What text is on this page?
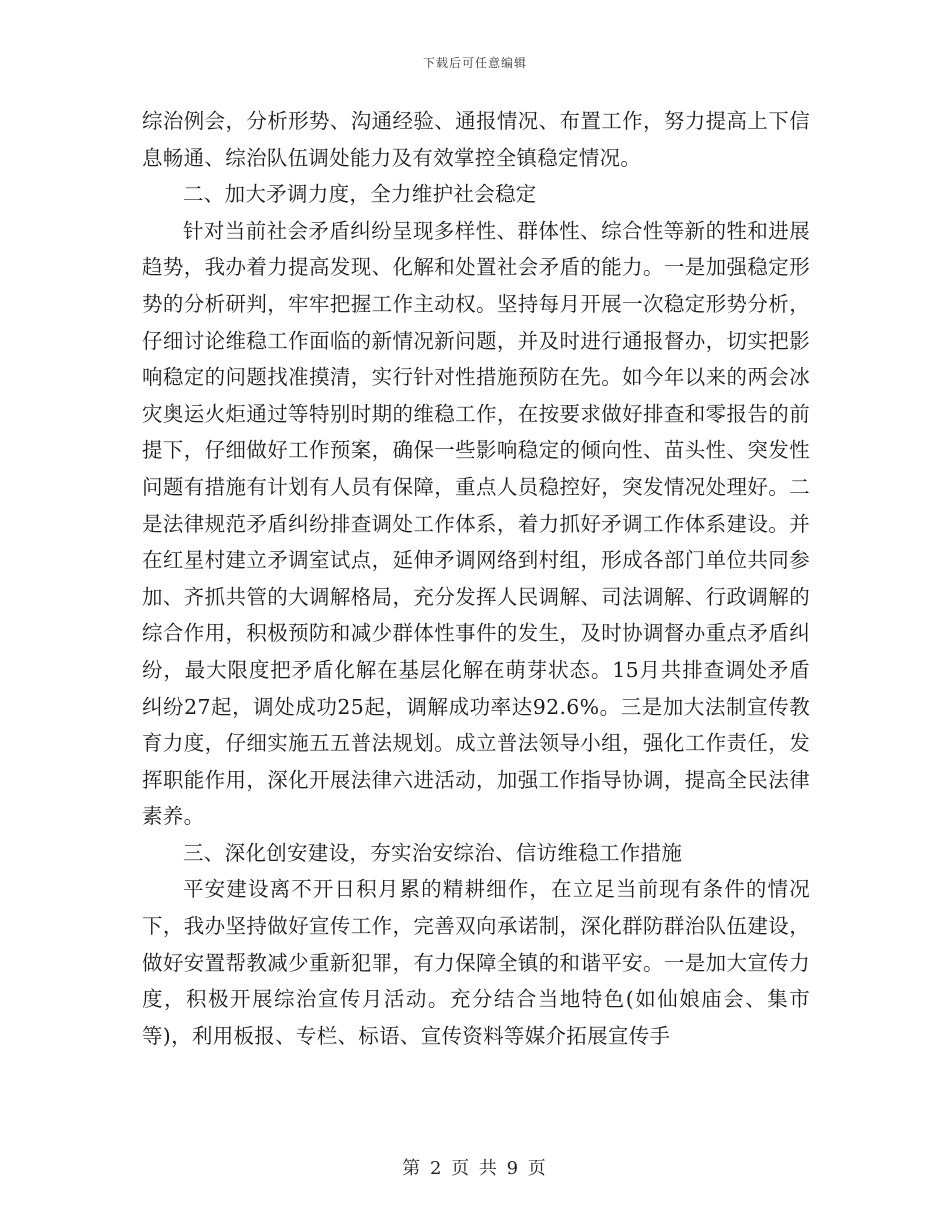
下载后可任意编辑

综治例会，分析形势、沟通经验、通报情况、布置工作，努力提高上下信息畅通、综治队伍调处能力及有效掌控全镇稳定情况。

二、加大矛调力度，全力维护社会稳定

针对当前社会矛盾纠纷呈现多样性、群体性、综合性等新的牲和进展趋势，我办着力提高发现、化解和处置社会矛盾的能力。一是加强稳定形势的分析研判，牢牢把握工作主动权。坚持每月开展一次稳定形势分析，仔细讨论维稳工作面临的新情况新问题，并及时进行通报督办，切实把影响稳定的问题找准摸清，实行针对性措施预防在先。如今年以来的两会冰灾奥运火炬通过等特别时期的维稳工作，在按要求做好排查和零报告的前提下，仔细做好工作预案，确保一些影响稳定的倾向性、苗头性、突发性问题有措施有计划有人员有保障，重点人员稳控好，突发情况处理好。二是法律规范矛盾纠纷排查调处工作体系，着力抓好矛调工作体系建设。并在红星村建立矛调室试点，延伸矛调网络到村组，形成各部门单位共同参加、齐抓共管的大调解格局，充分发挥人民调解、司法调解、行政调解的综合作用，积极预防和减少群体性事件的发生，及时协调督办重点矛盾纠纷，最大限度把矛盾化解在基层化解在萌芽状态。15月共排查调处矛盾纠纷27起，调处成功25起，调解成功率达92.6%。三是加大法制宣传教育力度，仔细实施五五普法规划。成立普法领导小组，强化工作责任，发挥职能作用，深化开展法律六进活动，加强工作指导协调，提高全民法律素养。

三、深化创安建设，夯实治安综治、信访维稳工作措施

平安建设离不开日积月累的精耕细作，在立足当前现有条件的情况下，我办坚持做好宣传工作，完善双向承诺制，深化群防群治队伍建设，做好安置帮教减少重新犯罪，有力保障全镇的和谐平安。一是加大宣传力度，积极开展综治宣传月活动。充分结合当地特色(如仙娘庙会、集市等)，利用板报、专栏、标语、宣传资料等媒介拓展宣传手

第 2 页 共 9 页
